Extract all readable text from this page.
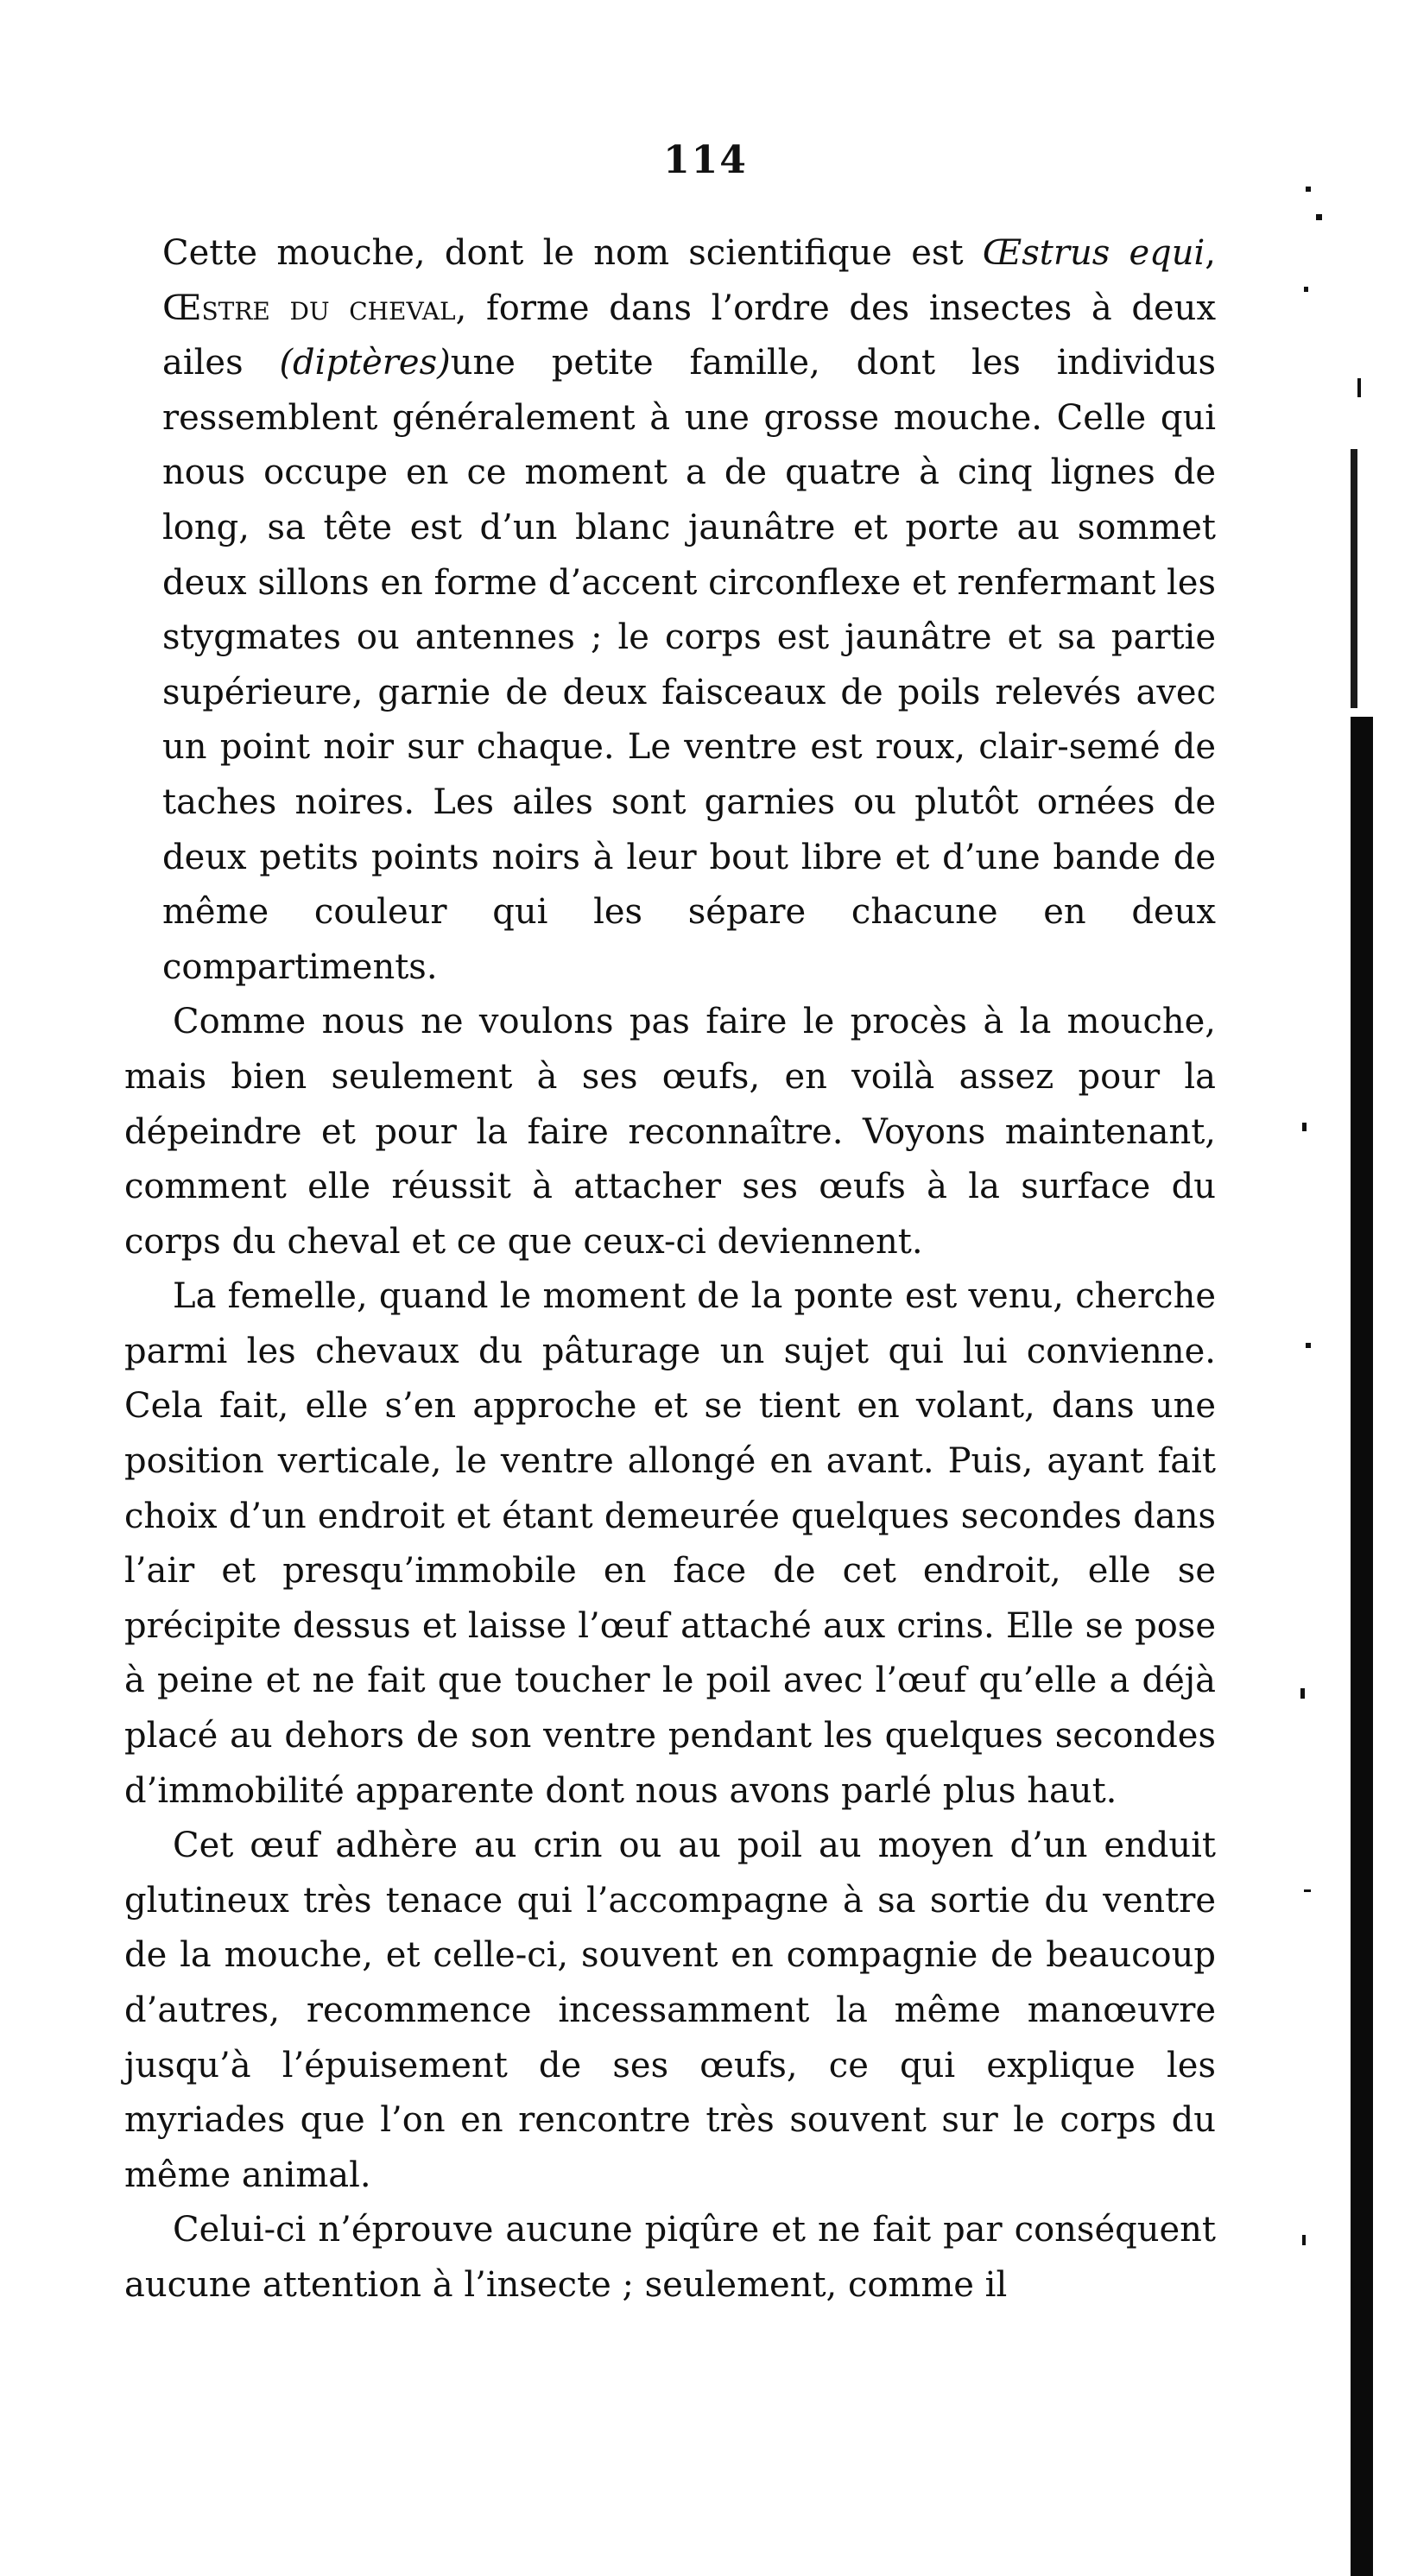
114

Cette mouche, dont le nom scientifique est Œstrus equi, Œstre du cheval, forme dans l’ordre des insectes à deux ailes (diptères)une petite famille, dont les individus ressemblent généralement à une grosse mouche. Celle qui nous occupe en ce moment a de quatre à cinq lignes de long, sa tête est d’un blanc jaunâtre et porte au sommet deux sillons en forme d’accent circonflexe et renfermant les stygmates ou antennes ; le corps est jaunâtre et sa partie supérieure, garnie de deux faisceaux de poils relevés avec un point noir sur chaque. Le ventre est roux, clair-semé de taches noires. Les ailes sont garnies ou plutôt ornées de deux petits points noirs à leur bout libre et d’une bande de même couleur qui les sépare chacune en deux compartiments.

Comme nous ne voulons pas faire le procès à la mouche, mais bien seulement à ses œufs, en voilà assez pour la dépeindre et pour la faire reconnaître. Voyons maintenant, comment elle réussit à attacher ses œufs à la surface du corps du cheval et ce que ceux-ci deviennent.

La femelle, quand le moment de la ponte est venu, cherche parmi les chevaux du pâturage un sujet qui lui convienne. Cela fait, elle s’en approche et se tient en volant, dans une position verticale, le ventre allongé en avant. Puis, ayant fait choix d’un endroit et étant demeurée quelques secondes dans l’air et presqu’immobile en face de cet endroit, elle se précipite dessus et laisse l’œuf attaché aux crins. Elle se pose à peine et ne fait que toucher le poil avec l’œuf qu’elle a déjà placé au dehors de son ventre pendant les quelques secondes d’immobilité apparente dont nous avons parlé plus haut.

Cet œuf adhère au crin ou au poil au moyen d’un enduit glutineux très tenace qui l’accompagne à sa sortie du ventre de la mouche, et celle-ci, souvent en compagnie de beaucoup d’autres, recommence incessamment la même manœuvre jusqu’à l’épuisement de ses œufs, ce qui explique les myriades que l’on en rencontre très souvent sur le corps du même animal.

Celui-ci n’éprouve aucune piqûre et ne fait par conséquent aucune attention à l’insecte ; seulement, comme il
